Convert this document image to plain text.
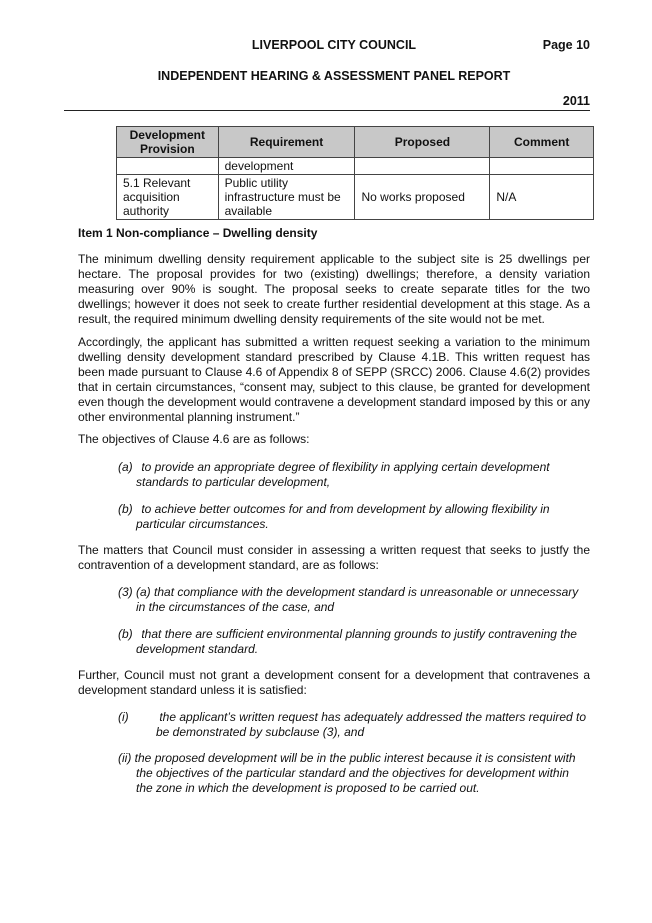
LIVERPOOL CITY COUNCIL	Page 10
INDEPENDENT HEARING & ASSESSMENT PANEL REPORT
2011
Development Provision	Requirement	Proposed	Comment
	development		
5.1 Relevant acquisition authority	Public utility infrastructure must be available	No works proposed	N/A
Item 1 Non-compliance – Dwelling density

The minimum dwelling density requirement applicable to the subject site is 25 dwellings per hectare. The proposal provides for two (existing) dwellings; therefore, a density variation measuring over 90% is sought. The proposal seeks to create separate titles for the two dwellings; however it does not seek to create further residential development at this stage. As a result, the required minimum dwelling density requirements of the site would not be met.

Accordingly, the applicant has submitted a written request seeking a variation to the minimum dwelling density development standard prescribed by Clause 4.1B. This written request has been made pursuant to Clause 4.6 of Appendix 8 of SEPP (SRCC) 2006. Clause 4.6(2) provides that in certain circumstances, “consent may, subject to this clause, be granted for development even though the development would contravene a development standard imposed by this or any other environmental planning instrument.”

The objectives of Clause 4.6 are as follows:

(a) to provide an appropriate degree of flexibility in applying certain development
standards to particular development,

(b) to achieve better outcomes for and from development by allowing flexibility in
particular circumstances.

The matters that Council must consider in assessing a written request that seeks to justfy the contravention of a development standard, are as follows:

(3) (a) that compliance with the development standard is unreasonable or unnecessary
in the circumstances of the case, and

(b) that there are sufficient environmental planning grounds to justify contravening the
development standard.

Further, Council must not grant a development consent for a development that contravenes a development standard unless it is satisfied:

(i)	the applicant’s written request has adequately addressed the matters required to
be demonstrated by subclause (3), and

(ii) the proposed development will be in the public interest because it is consistent with
the objectives of the particular standard and the objectives for development within
the zone in which the development is proposed to be carried out.
